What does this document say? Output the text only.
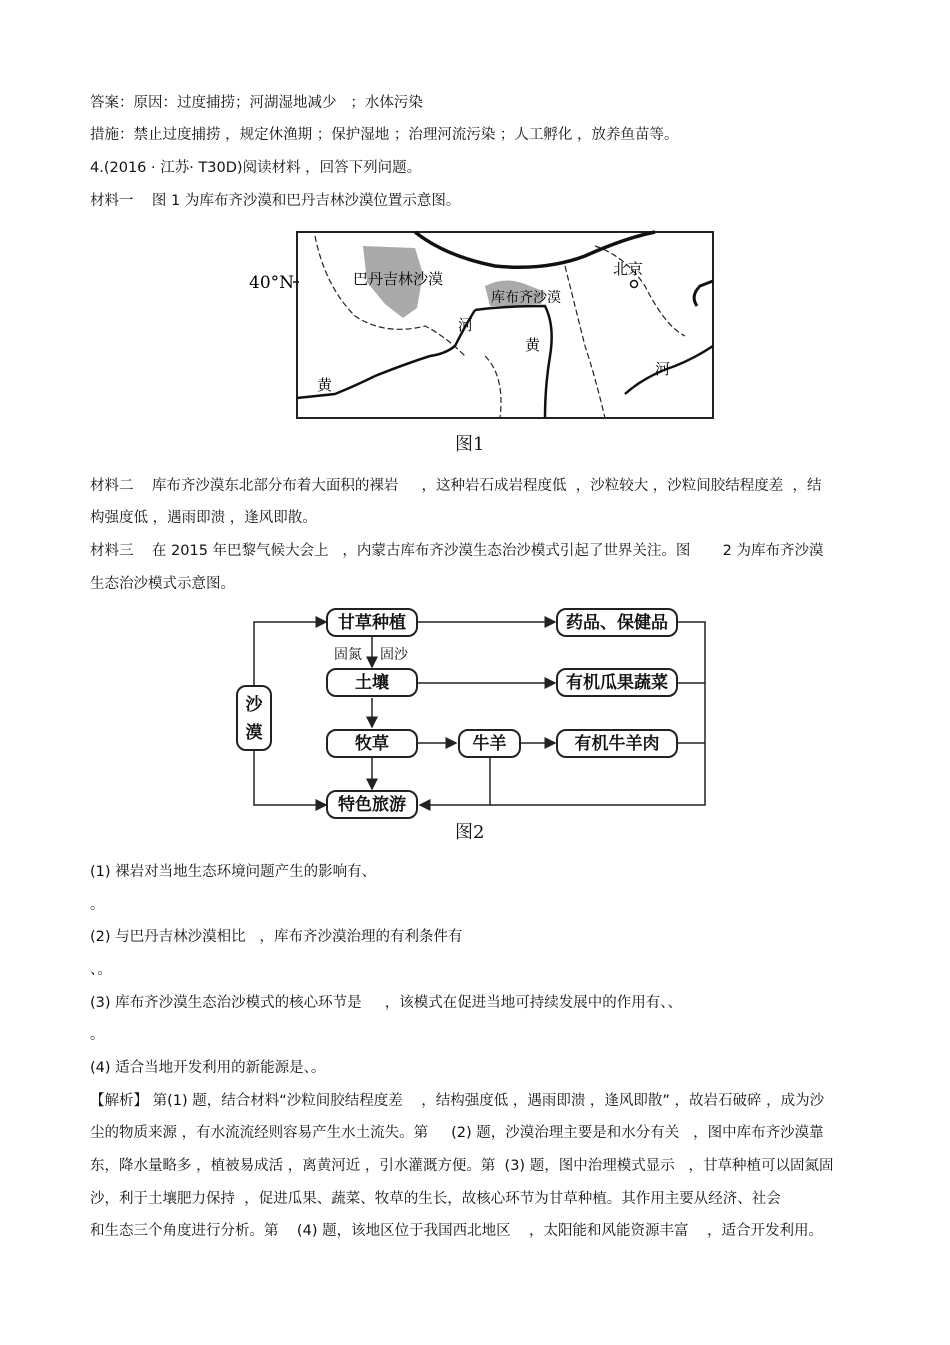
答案：原因：过度捕捞；河湖湿地减少   ；水体污染
措施：禁止过度捕捞 ，规定休渔期 ；保护湿地 ；治理河流污染 ；人工孵化 ，放养鱼苗等。
4.(2016 · 江苏· T30D)阅读材料 ，回答下列问题。
材料一    图 1 为库布齐沙漠和巴丹吉林沙漠位置示意图。
40°N	巴丹吉林沙漠
库布齐沙漠
北京
河
黄
黄
河
图1
材料二    库布齐沙漠东北部分布着大面积的裸岩     ，这种岩石成岩程度低  ，沙粒较大 ，沙粒间胶结程度差  ，结
构强度低 ，遇雨即溃 ，逢风即散。
材料三    在 2015 年巴黎气候大会上   ，内蒙古库布齐沙漠生态治沙模式引起了世界关注。图       2 为库布齐沙漠
生态治沙模式示意图。
沙漠
甘草种植
土壤
牧草	牛羊
特色旅游
药品、保健品
有机瓜果蔬菜
有机牛羊肉
固氮 固沙
图2
(1) 裸岩对当地生态环境问题产生的影响有、
。
(2) 与巴丹吉林沙漠相比   ，库布齐沙漠治理的有利条件有
、。
(3) 库布齐沙漠生态治沙模式的核心环节是     ，该模式在促进当地可持续发展中的作用有、、
。
(4) 适合当地开发利用的新能源是、。
【解析】 第(1) 题，结合材料“沙粒间胶结程度差    ，结构强度低 ，遇雨即溃 ，逢风即散” ，故岩石破碎 ，成为沙
尘的物质来源 ，有水流流经则容易产生水土流失。第     (2) 题，沙漠治理主要是和水分有关   ，图中库布齐沙漠靠
东，降水量略多 ，植被易成活 ，离黄河近 ，引水灌溉方便。第  (3) 题，图中治理模式显示   ，甘草种植可以固氮固
沙，利于土壤肥力保持  ，促进瓜果、蔬菜、牧草的生长，故核心环节为甘草种植。其作用主要从经济、社会
和生态三个角度进行分析。第    (4) 题，该地区位于我国西北地区    ，太阳能和风能资源丰富    ，适合开发利用。
